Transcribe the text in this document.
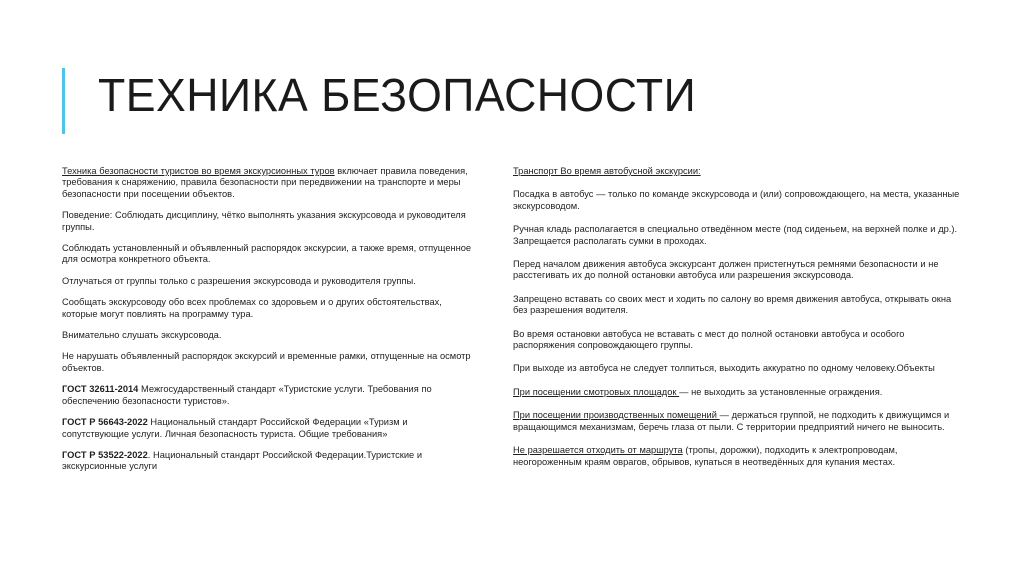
ТЕХНИКА БЕЗОПАСНОСТИ

Техника безопасности туристов во время экскурсионных туров включает правила поведения, требования к снаряжению, правила безопасности при передвижении на транспорте и меры безопасности при посещении объектов.

Поведение: Соблюдать дисциплину, чётко выполнять указания экскурсовода и руководителя группы.

Соблюдать установленный и объявленный распорядок экскурсии, а также время, отпущенное для осмотра конкретного объекта.

Отлучаться от группы только с разрешения экскурсовода и руководителя группы.

Сообщать экскурсоводу обо всех проблемах со здоровьем и о других обстоятельствах, которые могут повлиять на программу тура.

Внимательно слушать экскурсовода.

Не нарушать объявленный распорядок экскурсий и временные рамки, отпущенные на осмотр объектов.

ГОСТ 32611-2014 Межгосударственный стандарт «Туристские услуги. Требования по обеспечению безопасности туристов».

ГОСТ Р 56643-2022 Национальный стандарт Российской Федерации «Туризм и сопутствующие услуги. Личная безопасность туриста. Общие требования»

ГОСТ Р 53522-2022. Национальный стандарт Российской Федерации.Туристские и экскурсионные услуги

Транспорт Во время автобусной экскурсии:

Посадка в автобус — только по команде экскурсовода и (или) сопровождающего, на места, указанные экскурсоводом.

Ручная кладь располагается в специально отведённом месте (под сиденьем, на верхней полке и др.). Запрещается располагать сумки в проходах.

Перед началом движения автобуса экскурсант должен пристегнуться ремнями безопасности и не расстегивать их до полной остановки автобуса или разрешения экскурсовода.

Запрещено вставать со своих мест и ходить по салону во время движения автобуса, открывать окна без разрешения водителя.

Во время остановки автобуса не вставать с мест до полной остановки автобуса и особого распоряжения сопровождающего группы.

При выходе из автобуса не следует толпиться, выходить аккуратно по одному человеку.Объекты

При посещении смотровых площадок — не выходить за установленные ограждения.

При посещении производственных помещений — держаться группой, не подходить к движущимся и вращающимся механизмам, беречь глаза от пыли. С территории предприятий ничего не выносить.

Не разрешается отходить от маршрута (тропы, дорожки), подходить к электропроводам, неогороженным краям оврагов, обрывов, купаться в неотведённых для купания местах.
